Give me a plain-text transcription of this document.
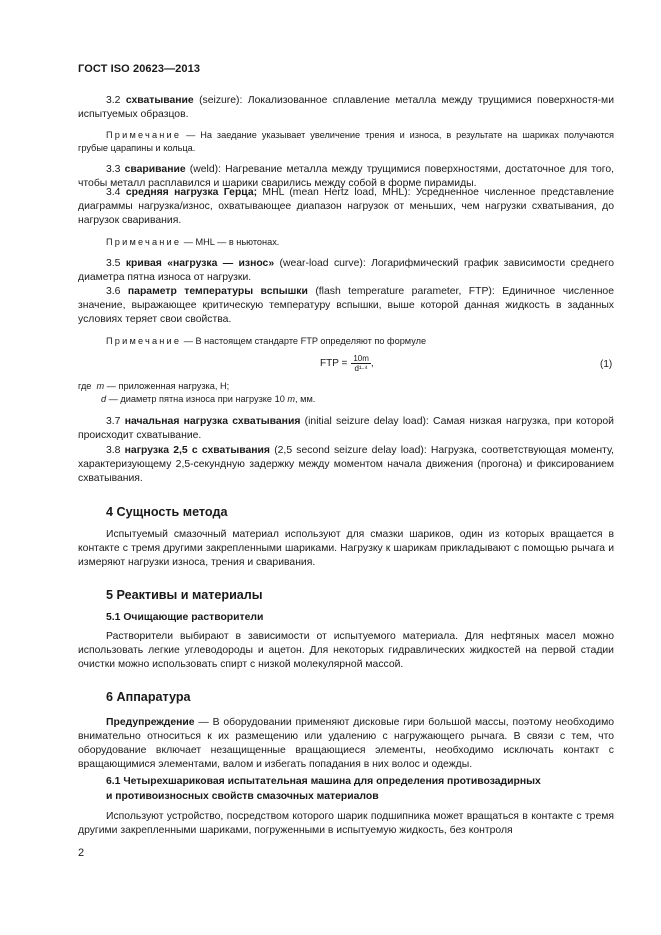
ГОСТ ISO 20623—2013
3.2 схватывание (seizure): Локализованное сплавление металла между трущимися поверхностя-ми испытуемых образцов.
Примечание — На заедание указывает увеличение трения и износа, в результате на шариках получаются грубые царапины и кольца.
3.3 сваривание (weld): Нагревание металла между трущимися поверхностями, достаточное для того, чтобы металл расплавился и шарики сварились между собой в форме пирамиды.
3.4 средняя нагрузка Герца; MHL (mean Hertz load, MHL): Усредненное численное представление диаграммы нагрузка/износ, охватывающее диапазон нагрузок от меньших, чем нагрузки схватывания, до нагрузок сваривания.
Примечание — MHL — в ньютонах.
3.5 кривая «нагрузка — износ» (wear-load curve): Логарифмический график зависимости среднего диаметра пятна износа от нагрузки.
3.6 параметр температуры вспышки (flash temperature parameter, FTP): Единичное численное значение, выражающее критическую температуру вспышки, выше которой данная жидкость в заданных условиях теряет свои свойства.
Примечание — В настоящем стандарте FTP определяют по формуле
FTP = $\frac{10m}{\text{d¹·⁴}}$ ,	(1)
где m — приложенная нагрузка, Н;
d — диаметр пятна износа при нагрузке 10 m, мм.
3.7 начальная нагрузка схватывания (initial seizure delay load): Самая низкая нагрузка, при которой происходит схватывание.
3.8 нагрузка 2,5 с схватывания (2,5 second seizure delay load): Нагрузка, соответствующая моменту, характеризующему 2,5-секундную задержку между моментом начала движения (прогона) и фиксированием схватывания.
4 Сущность метода
Испытуемый смазочный материал используют для смазки шариков, один из которых вращается в контакте с тремя другими закрепленными шариками. Нагрузку к шарикам прикладывают с помощью рычага и измеряют нагрузки износа, трения и сваривания.
5 Реактивы и материалы
5.1 Очищающие растворители
Растворители выбирают в зависимости от испытуемого материала. Для нефтяных масел можно использовать легкие углеводороды и ацетон. Для некоторых гидравлических жидкостей на первой стадии очистки можно использовать спирт с низкой молекулярной массой.
6 Аппаратура
Предупреждение — В оборудовании применяют дисковые гири большой массы, поэтому необходимо внимательно относиться к их размещению или удалению с нагружающего рычага. В связи с тем, что оборудование включает незащищенные вращающиеся элементы, необходимо исключать контакт с вращающимися элементами, валом и избегать попадания в них волос и одежды.
6.1 Четырехшариковая испытательная машина для определения противозадирных
и противоизносных свойств смазочных материалов
Используют устройство, посредством которого шарик подшипника может вращаться в контакте с тремя другими закрепленными шариками, погруженными в испытуемую жидкость, без контроля
2
